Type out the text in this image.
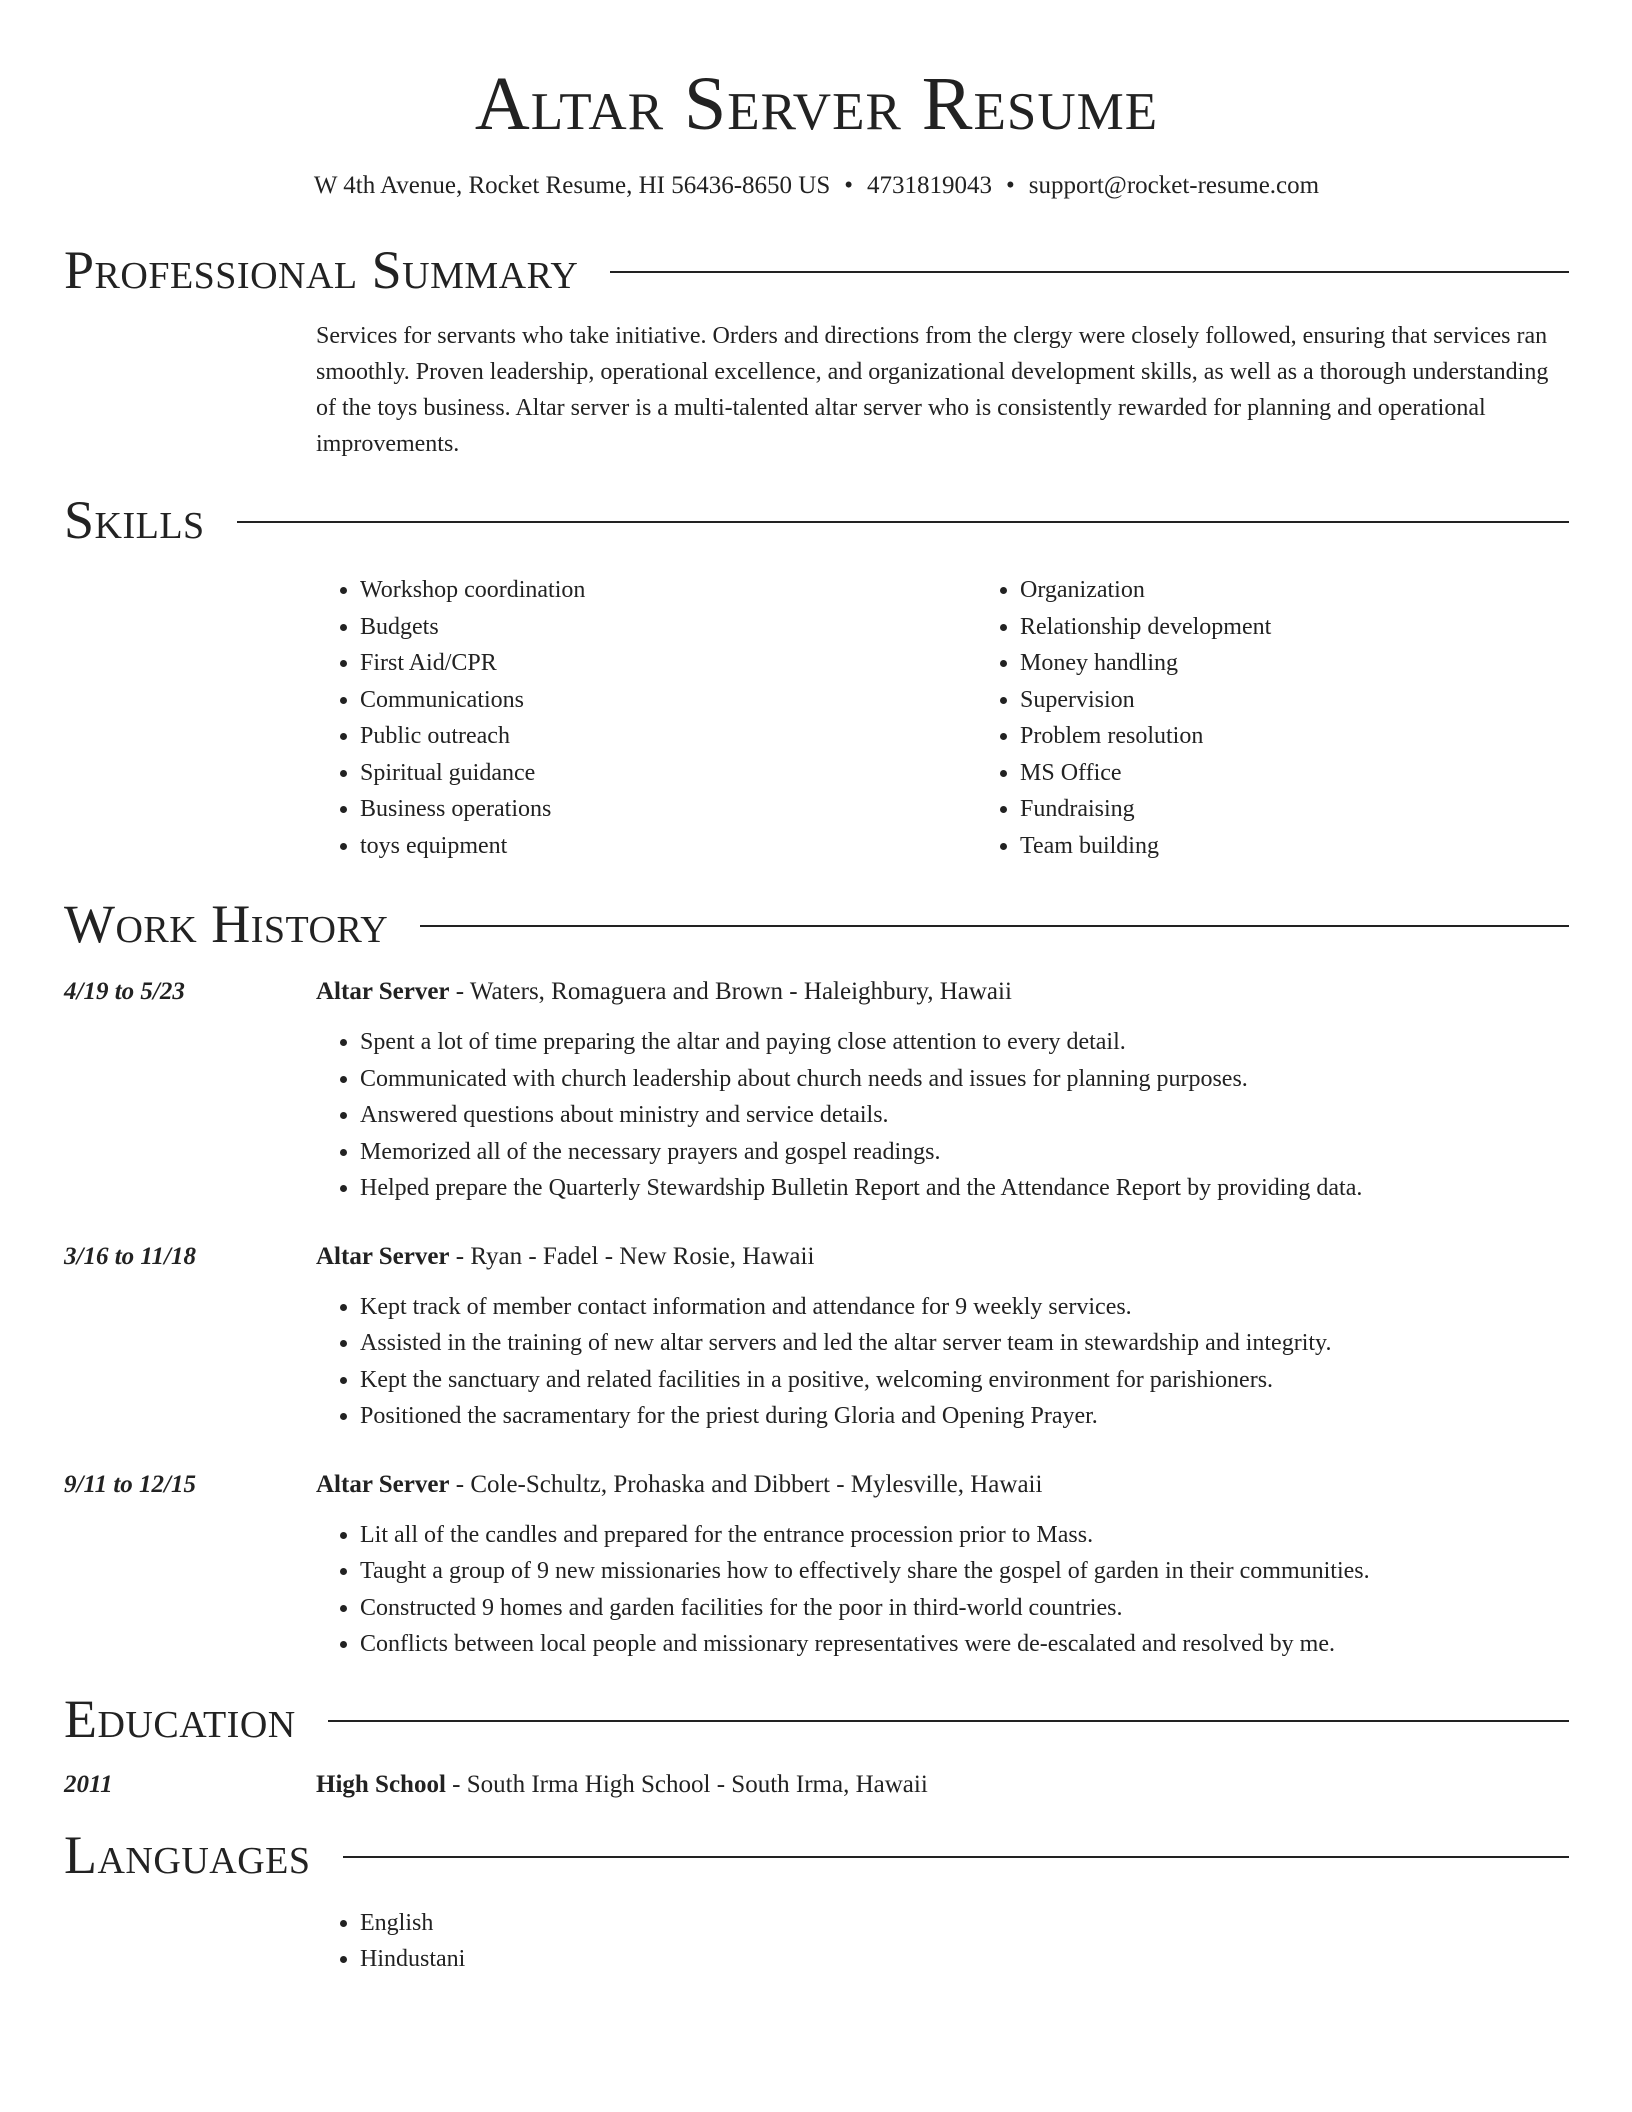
Altar Server Resume
W 4th Avenue, Rocket Resume, HI 56436-8650 US • 4731819043 • support@rocket-resume.com
Professional Summary
Services for servants who take initiative. Orders and directions from the clergy were closely followed, ensuring that services ran smoothly. Proven leadership, operational excellence, and organizational development skills, as well as a thorough understanding of the toys business. Altar server is a multi-talented altar server who is consistently rewarded for planning and operational improvements.
Skills
• Workshop coordination
• Budgets
• First Aid/CPR
• Communications
• Public outreach
• Spiritual guidance
• Business operations
• toys equipment
• Organization
• Relationship development
• Money handling
• Supervision
• Problem resolution
• MS Office
• Fundraising
• Team building
Work History
4/19 to 5/23	Altar Server - Waters, Romaguera and Brown - Haleighbury, Hawaii
• Spent a lot of time preparing the altar and paying close attention to every detail.
• Communicated with church leadership about church needs and issues for planning purposes.
• Answered questions about ministry and service details.
• Memorized all of the necessary prayers and gospel readings.
• Helped prepare the Quarterly Stewardship Bulletin Report and the Attendance Report by providing data.
3/16 to 11/18	Altar Server - Ryan - Fadel - New Rosie, Hawaii
• Kept track of member contact information and attendance for 9 weekly services.
• Assisted in the training of new altar servers and led the altar server team in stewardship and integrity.
• Kept the sanctuary and related facilities in a positive, welcoming environment for parishioners.
• Positioned the sacramentary for the priest during Gloria and Opening Prayer.
9/11 to 12/15	Altar Server - Cole-Schultz, Prohaska and Dibbert - Mylesville, Hawaii
• Lit all of the candles and prepared for the entrance procession prior to Mass.
• Taught a group of 9 new missionaries how to effectively share the gospel of garden in their communities.
• Constructed 9 homes and garden facilities for the poor in third-world countries.
• Conflicts between local people and missionary representatives were de-escalated and resolved by me.
Education
2011	High School - South Irma High School - South Irma, Hawaii
Languages
• English
• Hindustani
